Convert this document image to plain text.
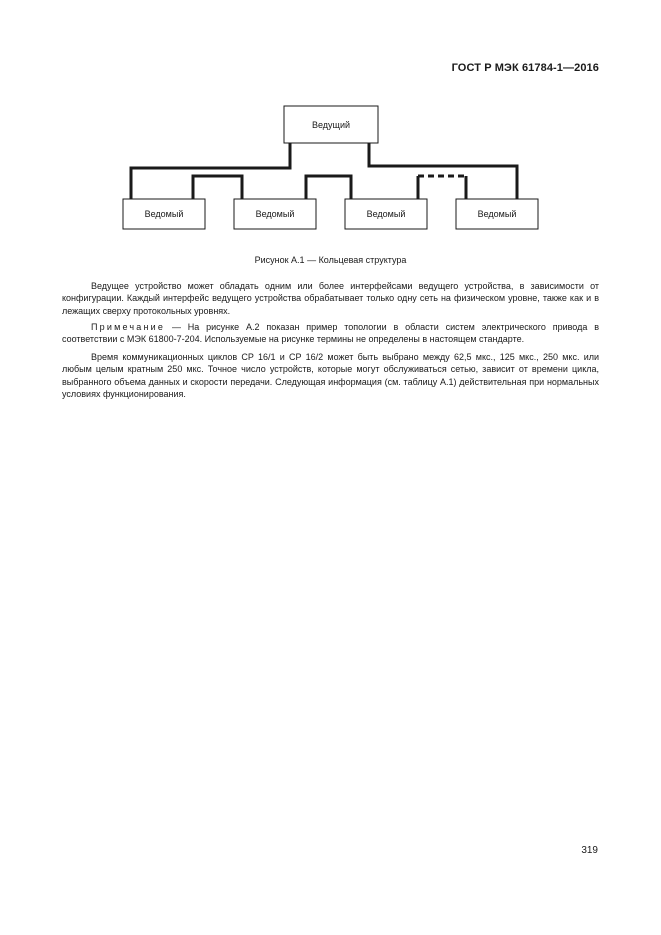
ГОСТ Р МЭК 61784-1—2016
Ведущий
Ведомый	Ведомый	Ведомый	Ведомый
Рисунок А.1 — Кольцевая структура

Ведущее устройство может обладать одним или более интерфейсами ведущего устройства, в зависимости от конфигурации. Каждый интерфейс ведущего устройства обрабатывает только одну сеть на физическом уровне, также как и в лежащих сверху протокольных уровнях.

Примечание — На рисунке А.2 показан пример топологии в области систем электрического привода в соответствии с МЭК 61800-7-204. Используемые на рисунке термины не определены в настоящем стандарте.

Время коммуникационных циклов CP 16/1 и CP 16/2 может быть выбрано между 62,5 мкс., 125 мкс., 250 мкс. или любым целым кратным 250 мкс. Точное число устройств, которые могут обслуживаться сетью, зависит от времени цикла, выбранного объема данных и скорости передачи. Следующая информация (см. таблицу А.1) действительная при нормальных условиях функционирования.

319
